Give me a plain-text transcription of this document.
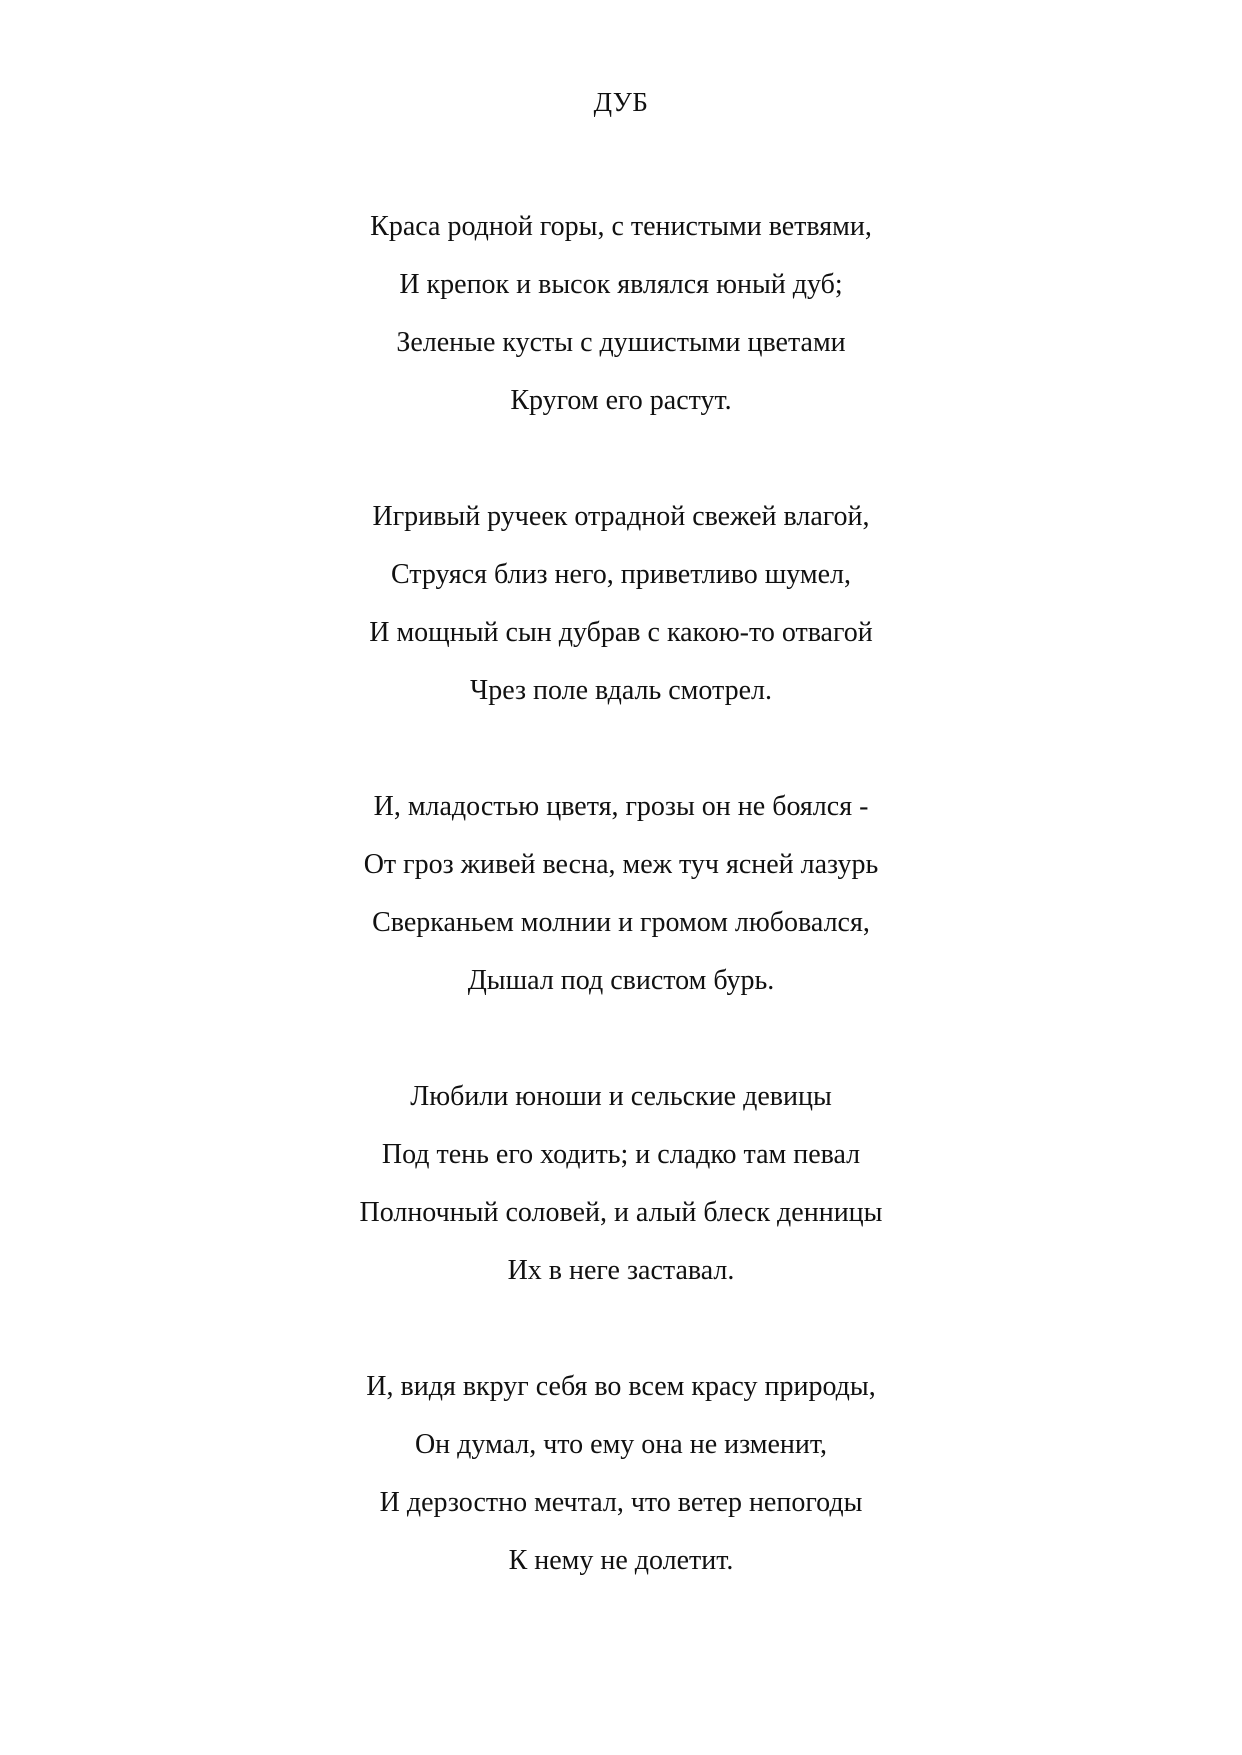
ДУБ
Краса родной горы, с тенистыми ветвями,
И крепок и высок являлся юный дуб;
Зеленые кусты с душистыми цветами
Кругом его растут.
Игривый ручеек отрадной свежей влагой,
Струяся близ него, приветливо шумел,
И мощный сын дубрав с какою-то отвагой
Чрез поле вдаль смотрел.
И, младостью цветя, грозы он не боялся -
От гроз живей весна, меж туч ясней лазурь
Сверканьем молнии и громом любовался,
Дышал под свистом бурь.
Любили юноши и сельские девицы
Под тень его ходить; и сладко там певал
Полночный соловей, и алый блеск денницы
Их в неге заставал.
И, видя вкруг себя во всем красу природы,
Он думал, что ему она не изменит,
И дерзостно мечтал, что ветер непогоды
К нему не долетит.
